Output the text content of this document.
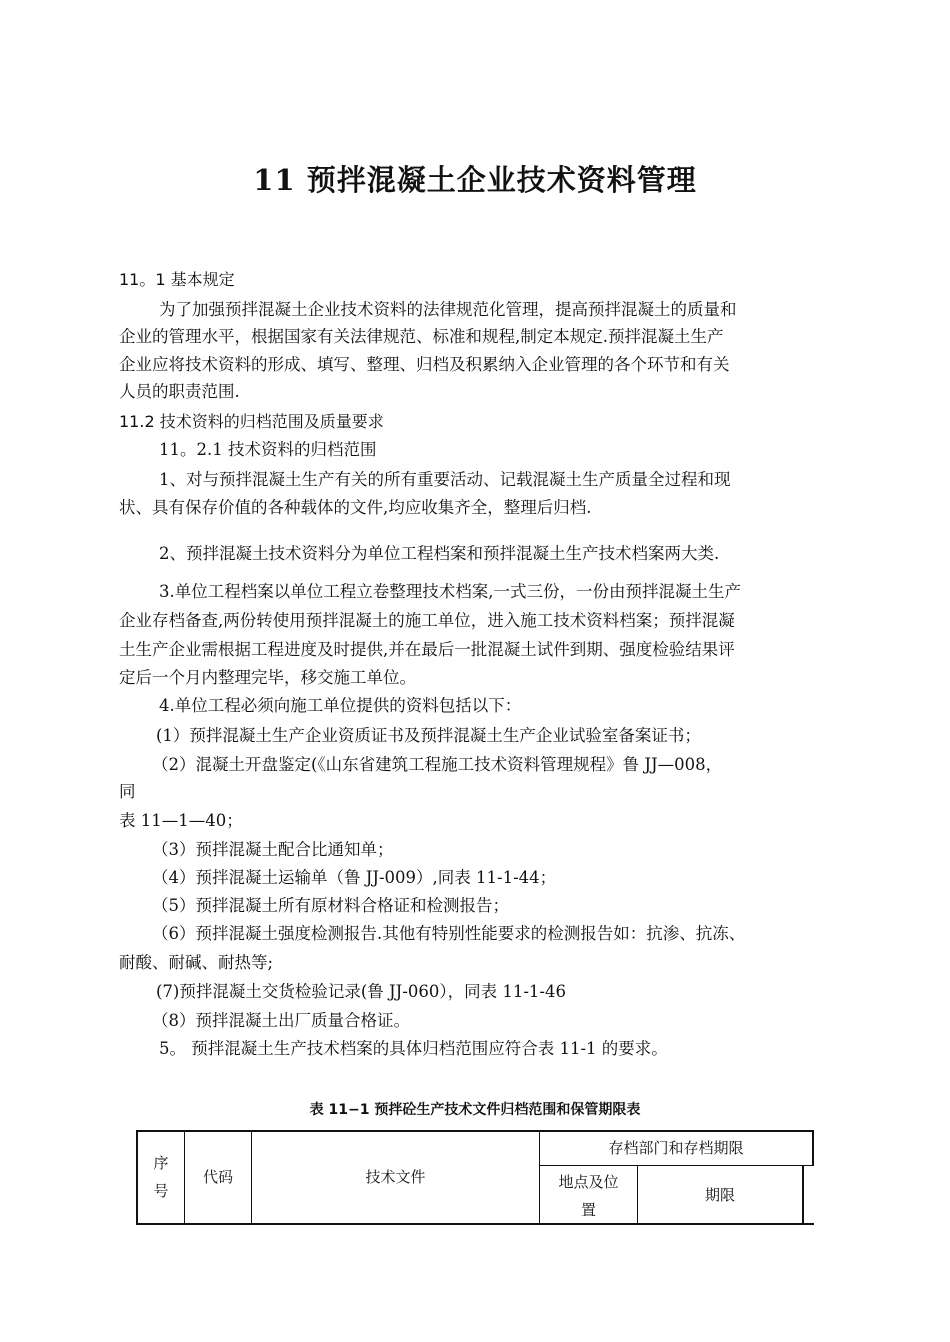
11 预拌混凝土企业技术资料管理
11。1 基本规定
为了加强预拌混凝土企业技术资料的法律规范化管理，提高预拌混凝土的质量和
企业的管理水平，根据国家有关法律规范、标准和规程,制定本规定.预拌混凝土生产
企业应将技术资料的形成、填写、整理、归档及积累纳入企业管理的各个环节和有关
人员的职责范围.
11.2 技术资料的归档范围及质量要求
11。2.1 技术资料的归档范围
1、对与预拌混凝土生产有关的所有重要活动、记载混凝土生产质量全过程和现
状、具有保存价值的各种载体的文件,均应收集齐全，整理后归档.
2、预拌混凝土技术资料分为单位工程档案和预拌混凝土生产技术档案两大类.
3.单位工程档案以单位工程立卷整理技术档案,一式三份，一份由预拌混凝土生产
企业存档备查,两份转使用预拌混凝土的施工单位，进入施工技术资料档案；预拌混凝
土生产企业需根据工程进度及时提供,并在最后一批混凝土试件到期、强度检验结果评
定后一个月内整理完毕，移交施工单位。
4.单位工程必须向施工单位提供的资料包括以下：
(1）预拌混凝土生产企业资质证书及预拌混凝土生产企业试验室备案证书；
（2）混凝土开盘鉴定(《山东省建筑工程施工技术资料管理规程》鲁 JJ—008，
同
表 11—1—40；
（3）预拌混凝土配合比通知单；
（4）预拌混凝土运输单（鲁 JJ-009）,同表 11-1-44；
（5）预拌混凝土所有原材料合格证和检测报告；
（6）预拌混凝土强度检测报告.其他有特别性能要求的检测报告如：抗渗、抗冻、
耐酸、耐碱、耐热等;
(7)预拌混凝土交货检验记录(鲁 JJ-060），同表 11-1-46
（8）预拌混凝土出厂质量合格证。
5。 预拌混凝土生产技术档案的具体归档范围应符合表 11-1 的要求。
表 11−1 预拌砼生产技术文件归档范围和保管期限表
序
号
代码	技术文件
存档部门和存档期限
地点及位
置
期限
